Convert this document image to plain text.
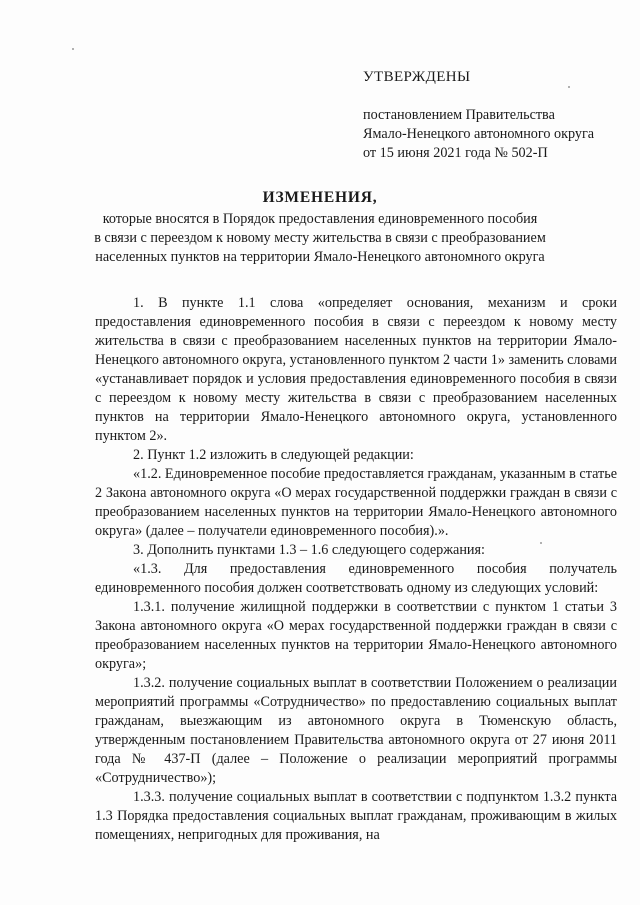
УТВЕРЖДЕНЫ
постановлением Правительства
Ямало-Ненецкого автономного округа
от 15 июня 2021 года № 502-П
ИЗМЕНЕНИЯ,
которые вносятся в Порядок предоставления единовременного пособия
в связи с переездом к новому месту жительства в связи с преобразованием
населенных пунктов на территории Ямало-Ненецкого автономного округа

1. В пункте 1.1 слова «определяет основания, механизм и сроки предоставления единовременного пособия в связи с переездом к новому месту жительства в связи с преобразованием населенных пунктов на территории Ямало-Ненецкого автономного округа, установленного пунктом 2 части 1» заменить словами «устанавливает порядок и условия предоставления единовременного пособия в связи с переездом к новому месту жительства в связи с преобразованием населенных пунктов на территории Ямало-Ненецкого автономного округа, установленного пунктом 2».

2. Пункт 1.2 изложить в следующей редакции:

«1.2. Единовременное пособие предоставляется гражданам, указанным в статье 2 Закона автономного округа «О мерах государственной поддержки граждан в связи с преобразованием населенных пунктов на территории Ямало-Ненецкого автономного округа» (далее – получатели единовременного пособия).».

3. Дополнить пунктами 1.3 – 1.6 следующего содержания:

«1.3. Для предоставления единовременного пособия получатель единовременного пособия должен соответствовать одному из следующих условий:

1.3.1. получение жилищной поддержки в соответствии с пунктом 1 статьи 3 Закона автономного округа «О мерах государственной поддержки граждан в связи с преобразованием населенных пунктов на территории Ямало-Ненецкого автономного округа»;

1.3.2. получение социальных выплат в соответствии Положением о реализации мероприятий программы «Сотрудничество» по предоставлению социальных выплат гражданам, выезжающим из автономного округа в Тюменскую область, утвержденным постановлением Правительства автономного округа от 27 июня 2011 года № 437-П (далее – Положение о реализации мероприятий программы «Сотрудничество»);

1.3.3. получение социальных выплат в соответствии с подпунктом 1.3.2 пункта 1.3 Порядка предоставления социальных выплат гражданам, проживающим в жилых помещениях, непригодных для проживания, на
